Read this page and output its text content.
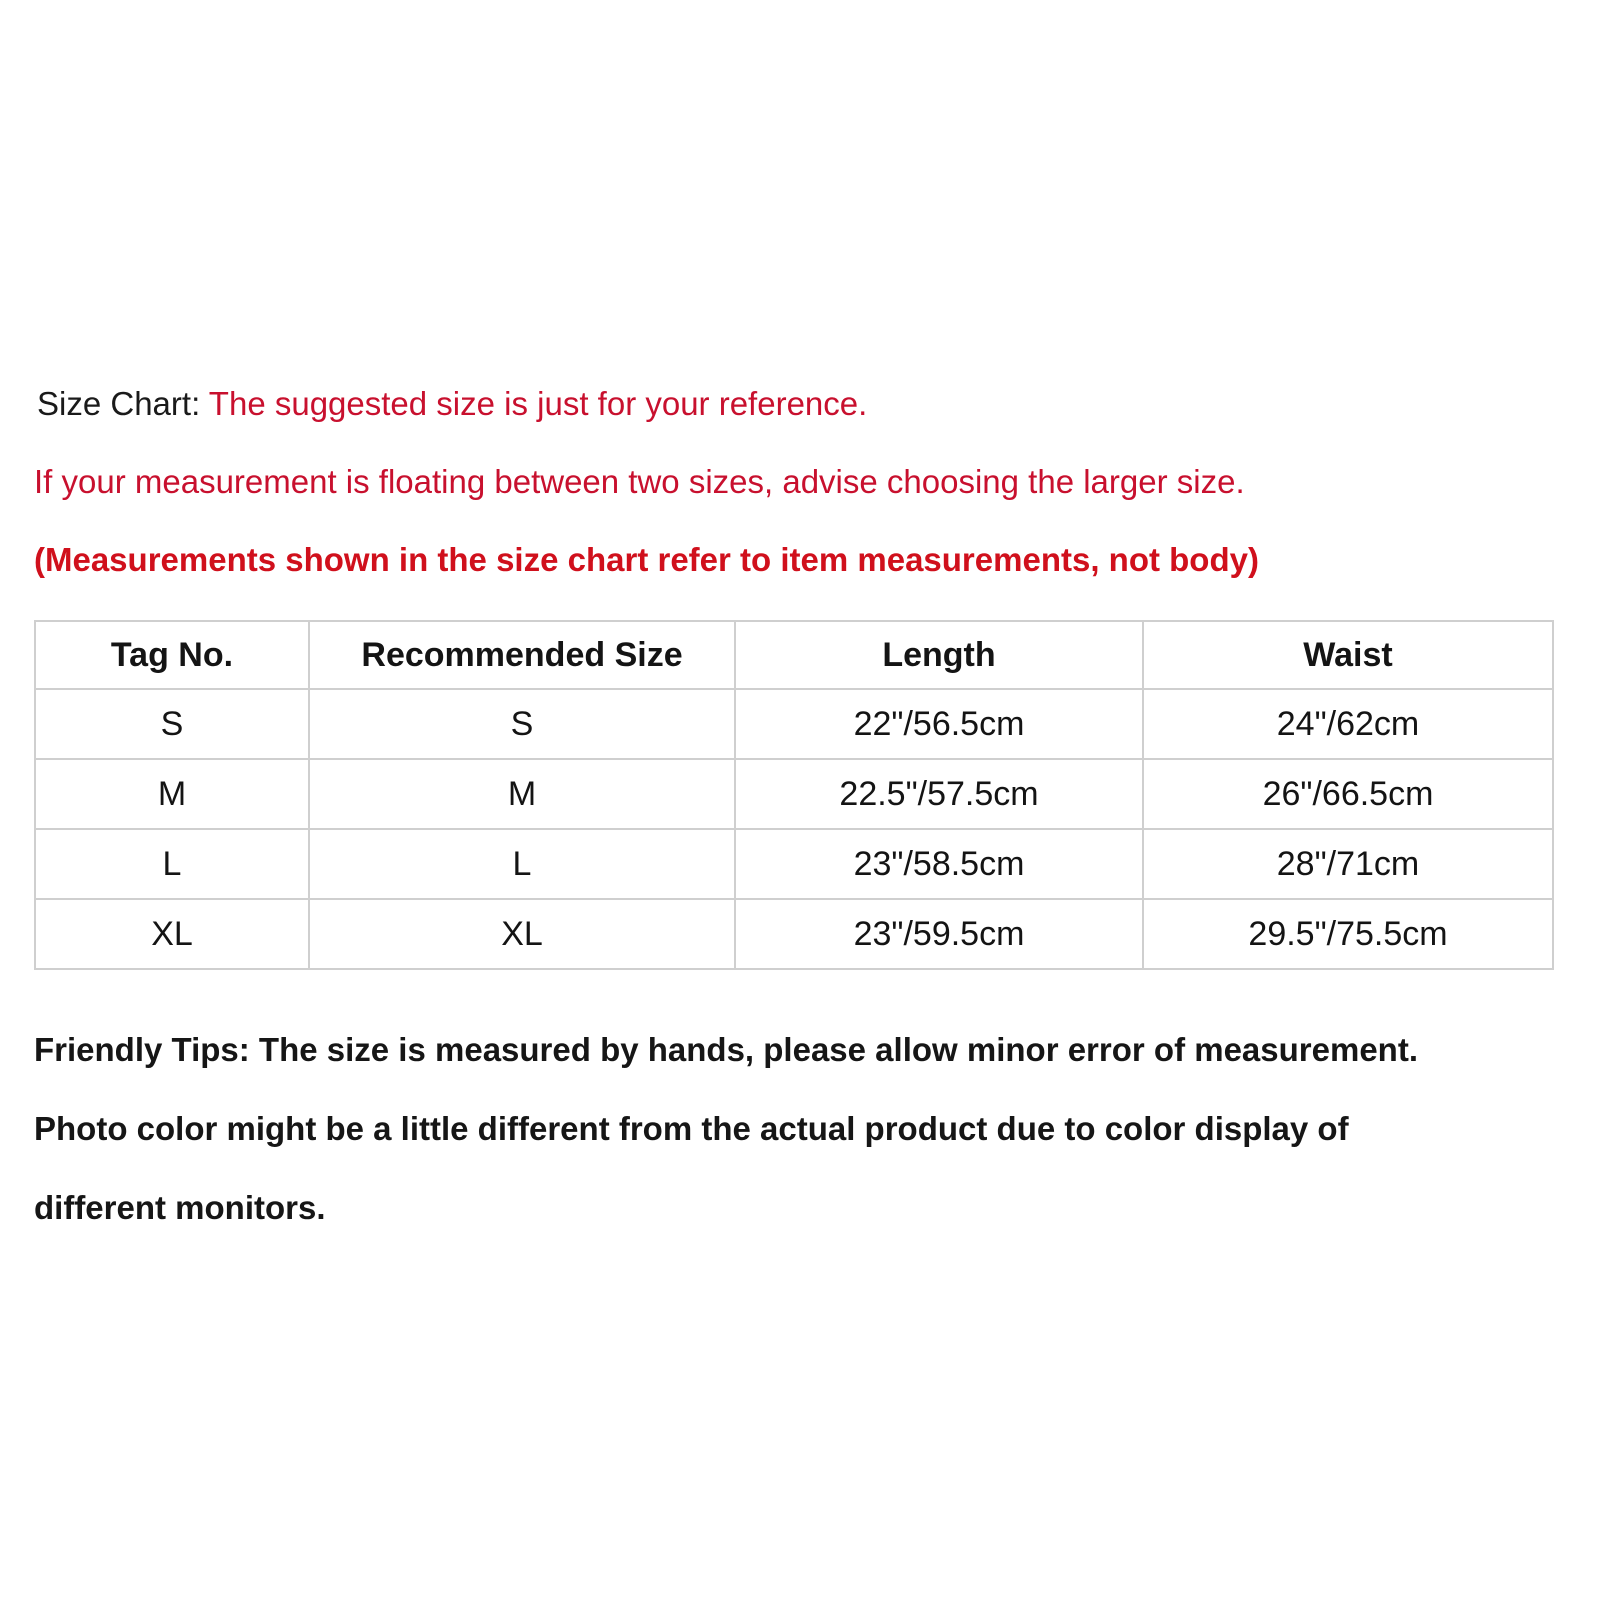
Size Chart: The suggested size is just for your reference.
If your measurement is floating between two sizes, advise choosing the larger size.
(Measurements shown in the size chart refer to item measurements, not body)
Tag No.	Recommended Size	Length	Waist
S	S	22"/56.5cm	24"/62cm
M	M	22.5"/57.5cm	26"/66.5cm
L	L	23"/58.5cm	28"/71cm
XL	XL	23"/59.5cm	29.5"/75.5cm
Friendly Tips: The size is measured by hands, please allow minor error of measurement.
Photo color might be a little different from the actual product due to color display of
different monitors.
